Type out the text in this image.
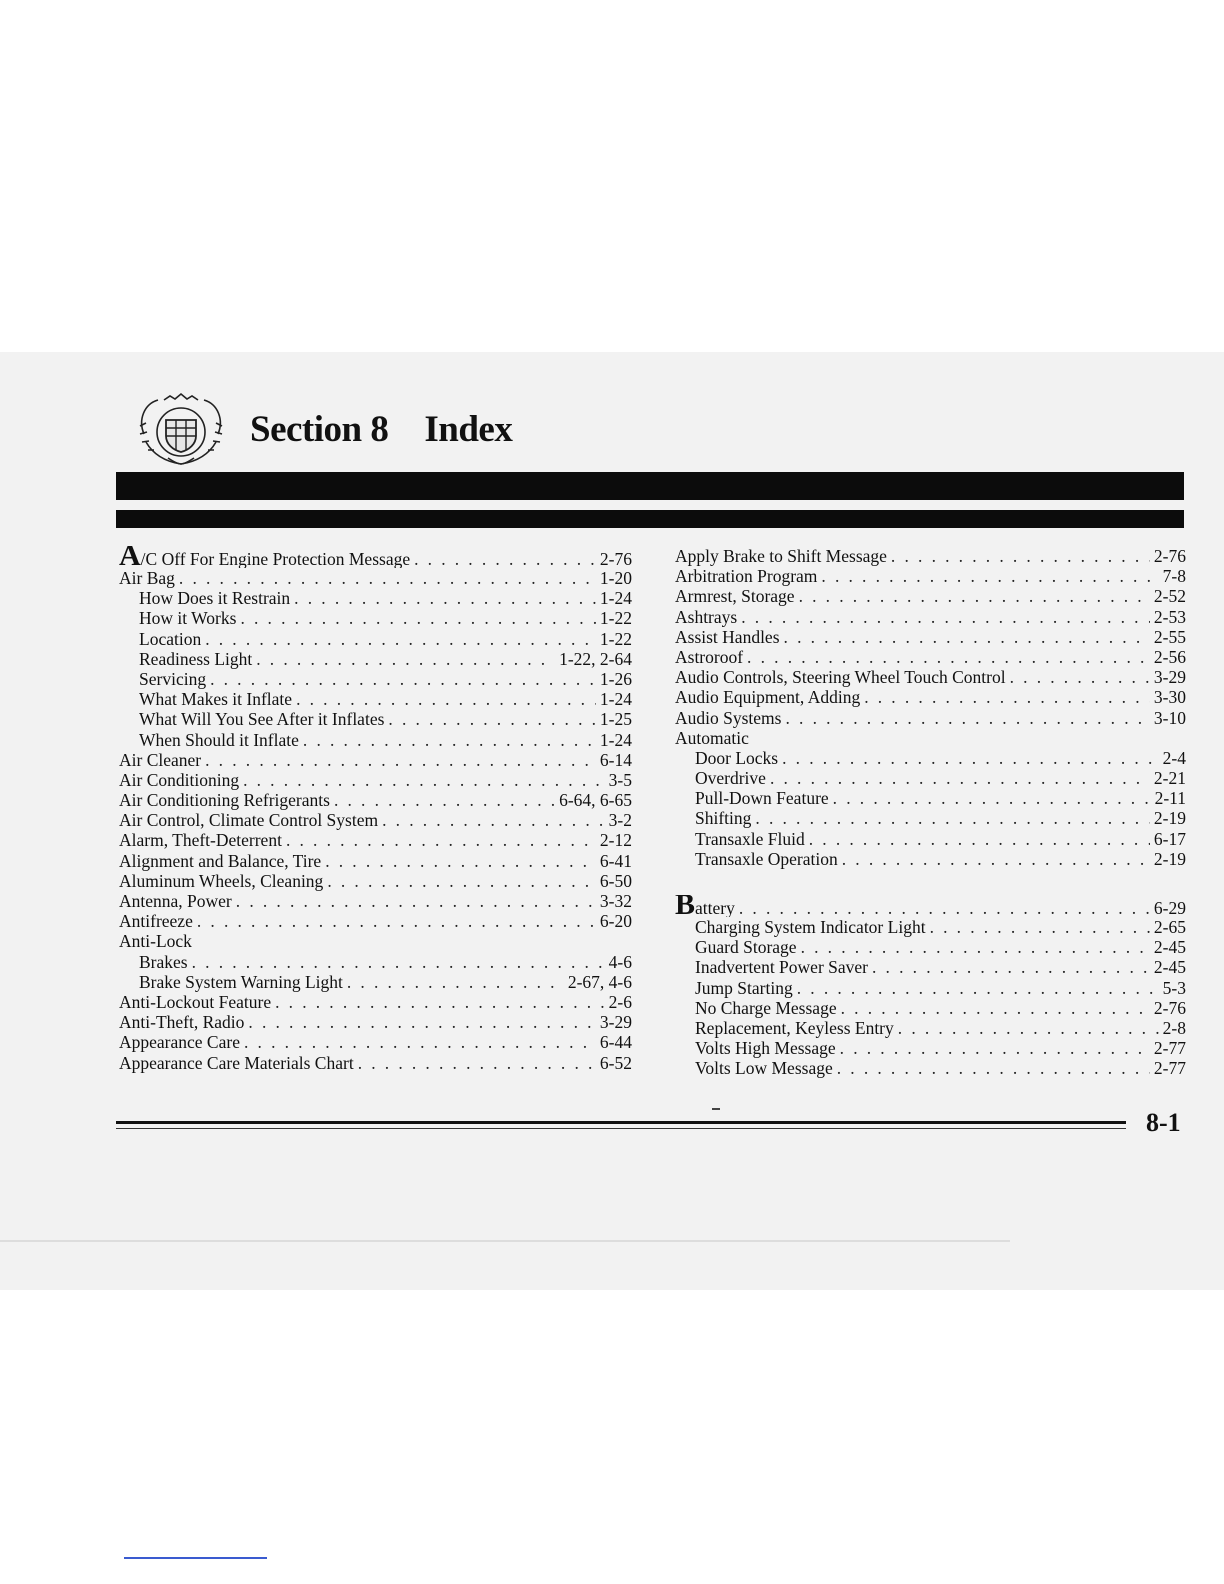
Section 8 Index
A/C Off For Engine Protection Message . . .	2-76
Air Bag . . .	1-20
How Does it Restrain . . .	1-24
How it Works . . .	1-22
Location . . .	1-22
Readiness Light . . .	1-22, 2-64
Servicing . . .	1-26
What Makes it Inflate . . .	1-24
What Will You See After it Inflates . . .	1-25
When Should it Inflate . . .	1-24
Air Cleaner . . .	6-14
Air Conditioning . . .	3-5
Air Conditioning Refrigerants . . .	6-64, 6-65
Air Control, Climate Control System . . .	3-2
Alarm, Theft-Deterrent . . .	2-12
Alignment and Balance, Tire . . .	6-41
Aluminum Wheels, Cleaning . . .	6-50
Antenna, Power . . .	3-32
Antifreeze . . .	6-20
Anti-Lock
Brakes . . .	4-6
Brake System Warning Light . . .	2-67, 4-6
Anti-Lockout Feature . . .	2-6
Anti-Theft, Radio . . .	3-29
Appearance Care . . .	6-44
Appearance Care Materials Chart . . .	6-52
Apply Brake to Shift Message . . .	2-76
Arbitration Program . . .	7-8
Armrest, Storage . . .	2-52
Ashtrays . . .	2-53
Assist Handles . . .	2-55
Astroroof . . .	2-56
Audio Controls, Steering Wheel Touch Control . . .	3-29
Audio Equipment, Adding . . .	3-30
Audio Systems . . .	3-10
Automatic
Door Locks . . .	2-4
Overdrive . . .	2-21
Pull-Down Feature . . .	2-11
Shifting . . .	2-19
Transaxle Fluid . . .	6-17
Transaxle Operation . . .	2-19
Battery . . .	6-29
Charging System Indicator Light . . .	2-65
Guard Storage . . .	2-45
Inadvertent Power Saver . . .	2-45
Jump Starting . . .	5-3
No Charge Message . . .	2-76
Replacement, Keyless Entry . . .	2-8
Volts High Message . . .	2-77
Volts Low Message . . .	2-77
8-1
